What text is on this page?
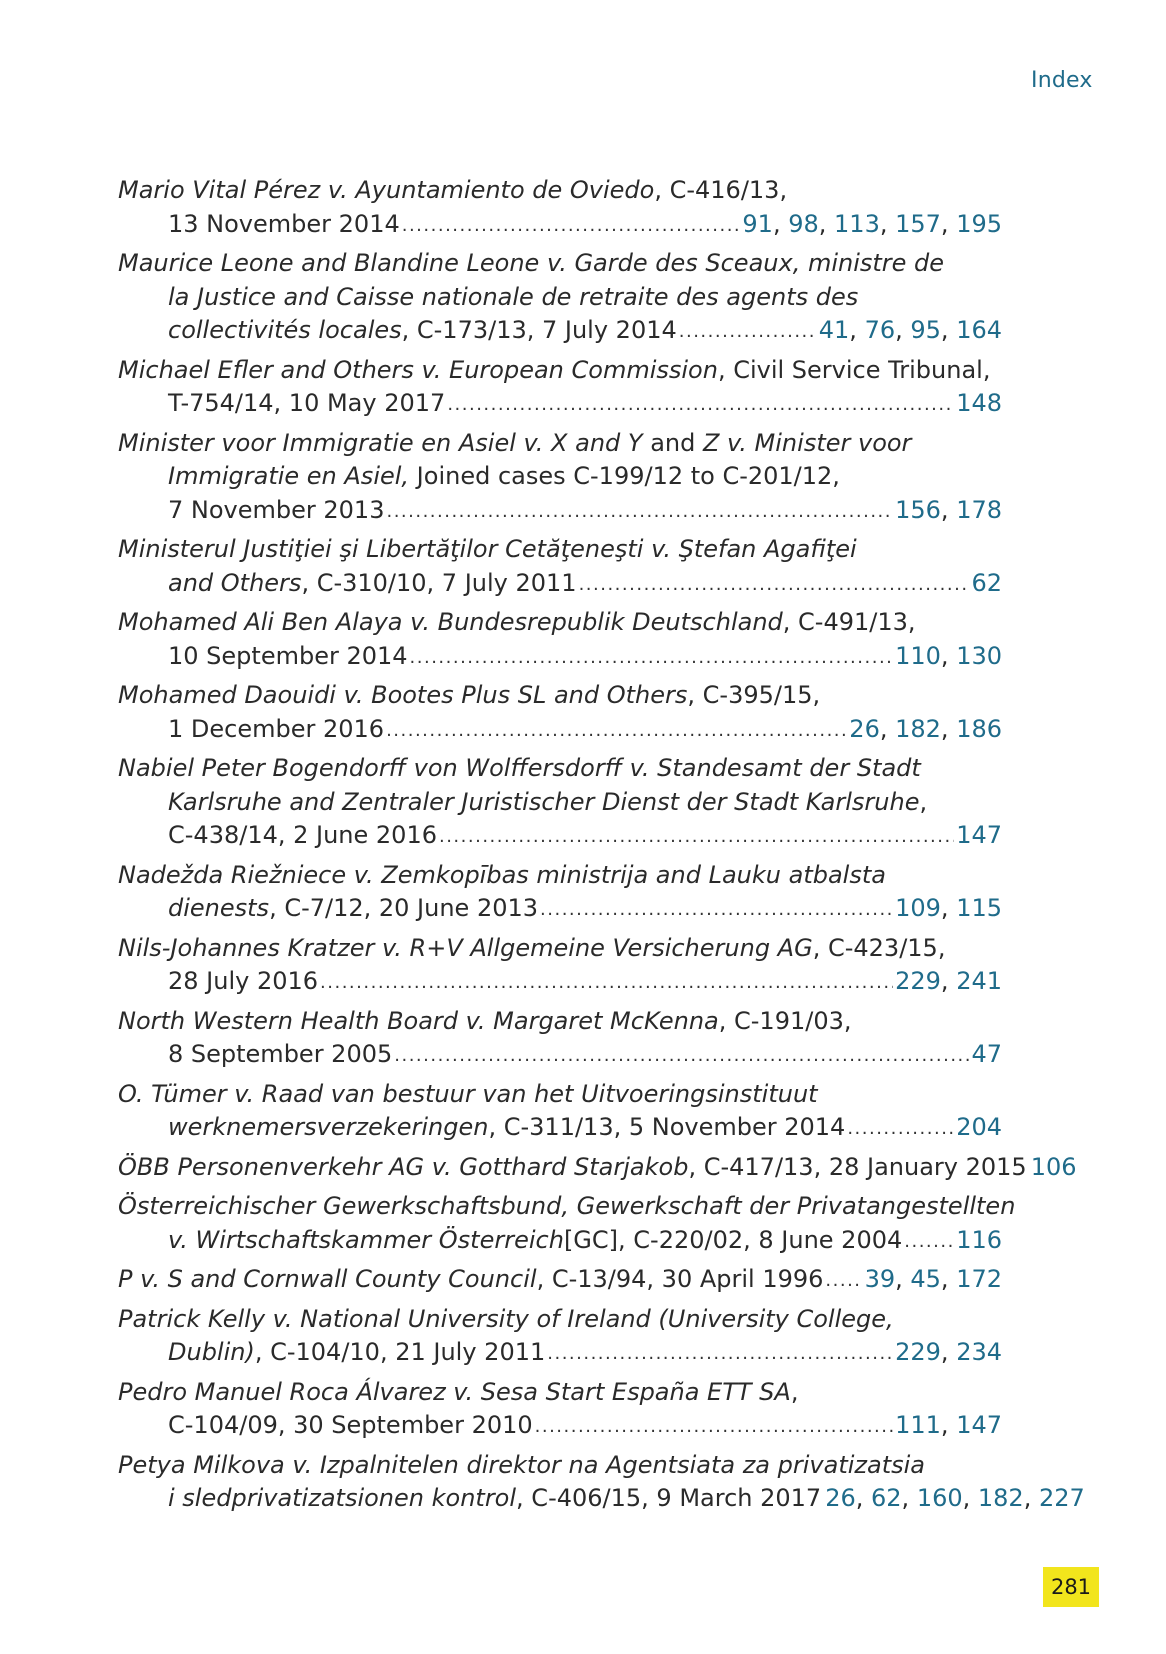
Index
Mario Vital Pérez v. Ayuntamiento de Oviedo, C-416/13,
13 November 2014 .....	91, 98, 113, 157, 195
Maurice Leone and Blandine Leone v. Garde des Sceaux, ministre de
la Justice and Caisse nationale de retraite des agents des
collectivités locales , C-173/13, 7 July 2014 .....	41, 76, 95, 164
Michael Efler and Others v. European Commission, Civil Service Tribunal,
T-754/14, 10 May 2017 .....	148
Minister voor Immigratie en Asiel v. X and Y and Z v. Minister voor
Immigratie en Asiel, Joined cases C-199/12 to C-201/12,
7 November 2013 .....	156, 178
Ministerul Justiţiei şi Libertăţilor Cetăţeneşti v. Ştefan Agafiţei
and Others , C-310/10, 7 July 2011 .....	62
Mohamed Ali Ben Alaya v. Bundesrepublik Deutschland, C-491/13,
10 September 2014 .....	110, 130
Mohamed Daouidi v. Bootes Plus SL and Others, C-395/15,
1 December 2016 .....	26, 182, 186
Nabiel Peter Bogendorff von Wolffersdorff v. Standesamt der Stadt
Karlsruhe and Zentraler Juristischer Dienst der Stadt Karlsruhe,
C-438/14, 2 June 2016 .....	147
Nadežda Riežniece v. Zemkopības ministrija and Lauku atbalsta
dienests , C-7/12, 20 June 2013 .....	109, 115
Nils-Johannes Kratzer v. R+V Allgemeine Versicherung AG, C-423/15,
28 July 2016 .....	229, 241
North Western Health Board v. Margaret McKenna, C-191/03,
8 September 2005 .....	47
O. Tümer v. Raad van bestuur van het Uitvoeringsinstituut
werknemersverzekeringen , C-311/13, 5 November 2014 .....	204
ÖBB Personenverkehr AG v. Gotthard Starjakob , C-417/13, 28 January 2015 106
Österreichischer Gewerkschaftsbund, Gewerkschaft der Privatangestellten
v. Wirtschaftskammer Österreich [GC], C-220/02, 8 June 2004 ..... 116
P v. S and Cornwall County Council , C-13/94, 30 April 1996 ..... 39, 45, 172
Patrick Kelly v. National University of Ireland (University College,
Dublin) , C-104/10, 21 July 2011 .....	229, 234
Pedro Manuel Roca Álvarez v. Sesa Start España ETT SA,
C-104/09, 30 September 2010 .....	111, 147
Petya Milkova v. Izpalnitelen direktor na Agentsiata za privatizatsia
i sledprivatizatsionen kontrol , C-406/15, 9 March 2017 26, 62, 160, 182, 227
281
